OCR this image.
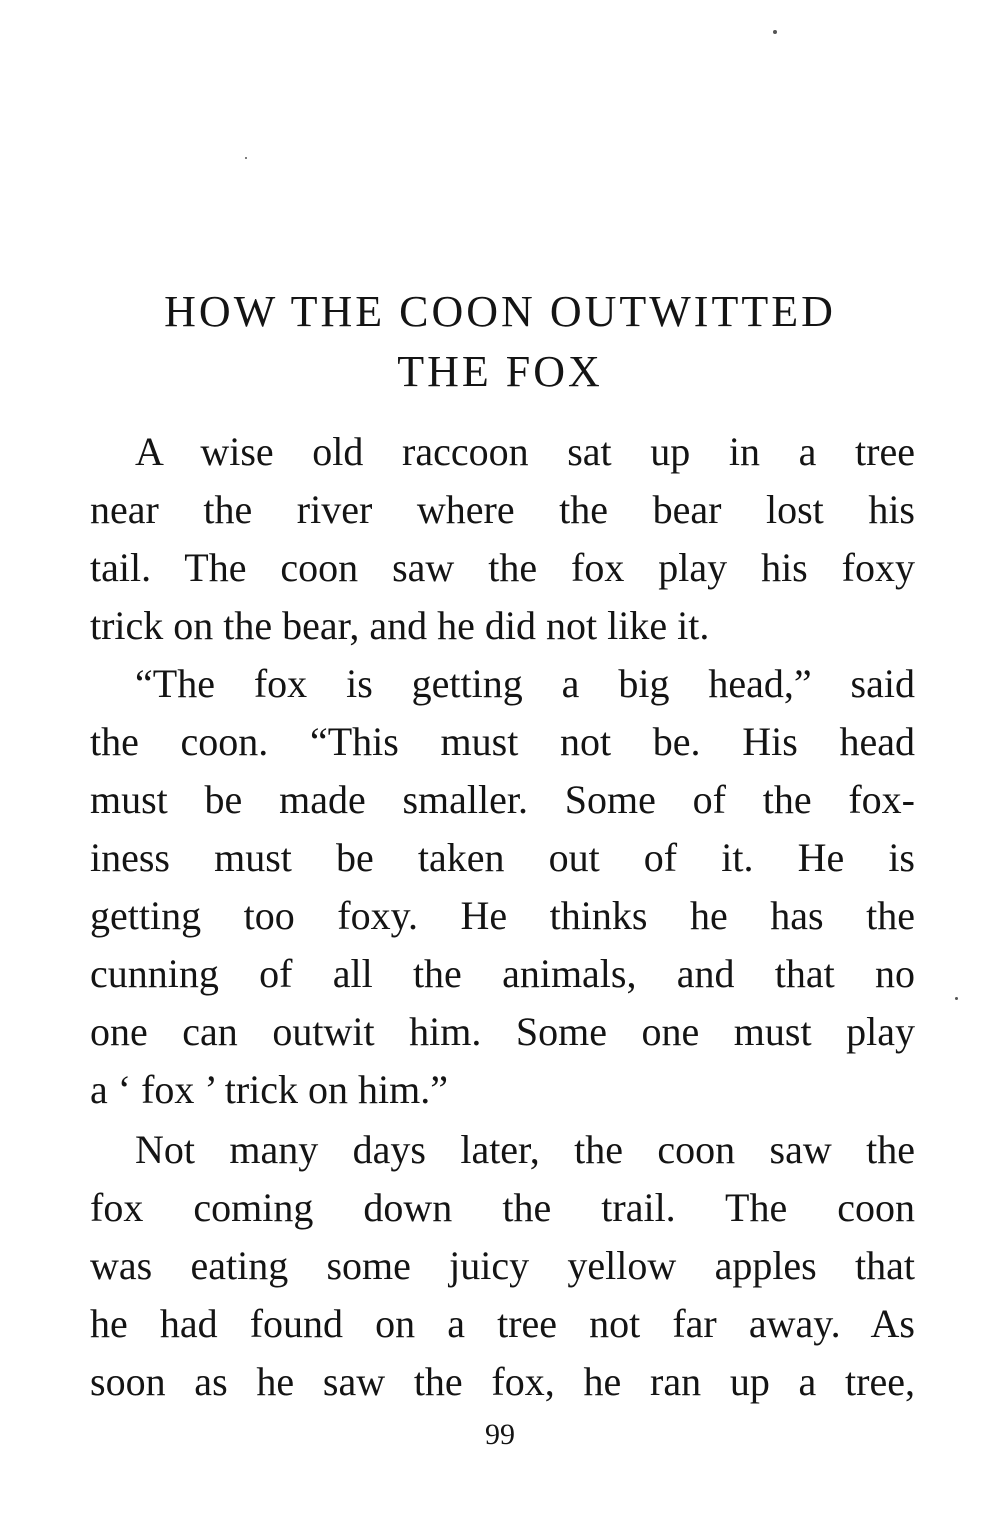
HOW THE COON OUTWITTED
THE FOX
A wise old raccoon sat up in a tree
near the river where the bear lost his
tail. The coon saw the fox play his foxy
trick on the bear, and he did not like it.
“The fox is getting a big head,” said
the coon. “This must not be. His head
must be made smaller. Some of the fox-
iness must be taken out of it. He is
getting too foxy. He thinks he has the
cunning of all the animals, and that no
one can outwit him. Some one must play
a ‘ fox ’ trick on him.”
Not many days later, the coon saw the
fox coming down the trail. The coon
was eating some juicy yellow apples that
he had found on a tree not far away. As
soon as he saw the fox, he ran up a tree,
99
